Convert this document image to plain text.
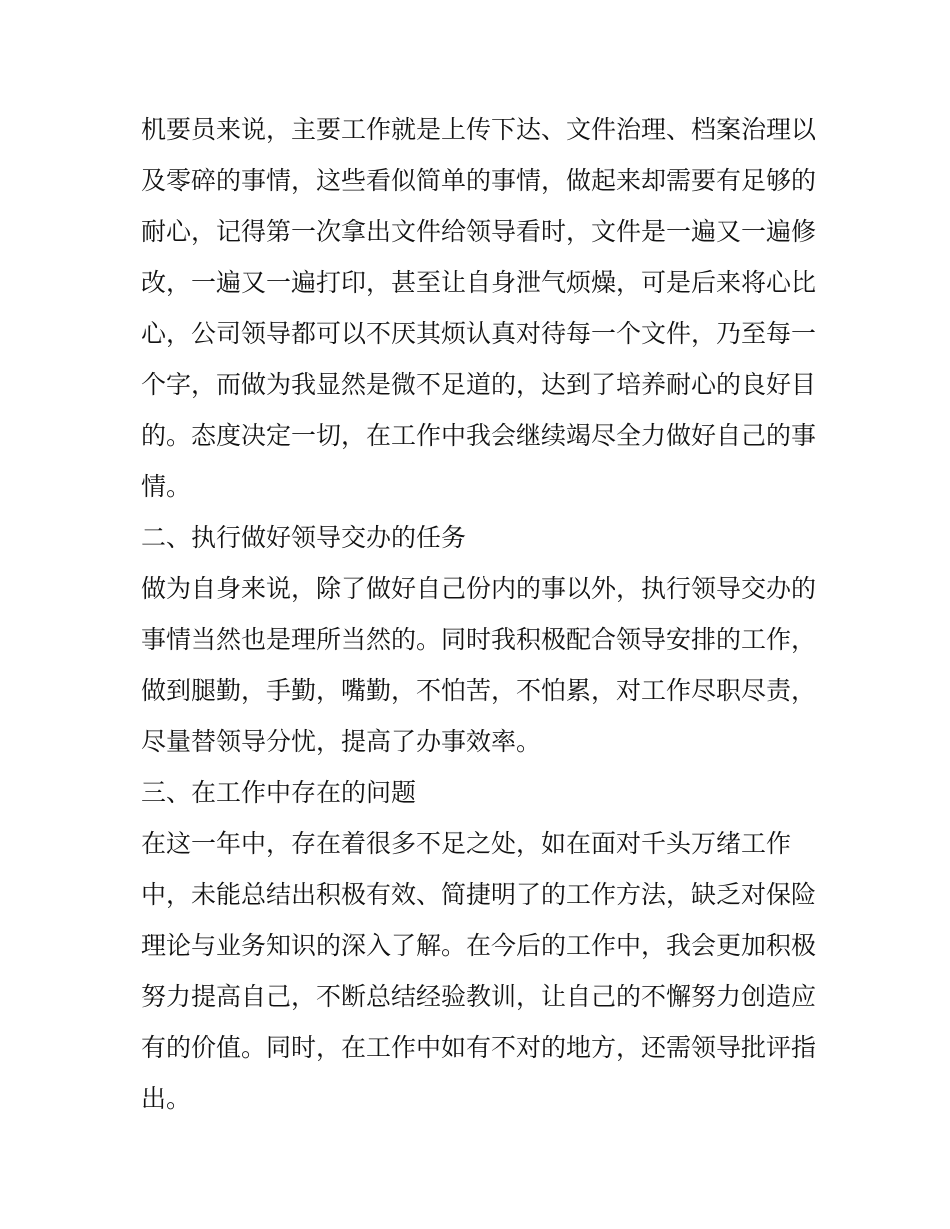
机要员来说，主要工作就是上传下达、文件治理、档案治理以
及零碎的事情，这些看似简单的事情，做起来却需要有足够的
耐心，记得第一次拿出文件给领导看时，文件是一遍又一遍修
改，一遍又一遍打印，甚至让自身泄气烦燥，可是后来将心比
心，公司领导都可以不厌其烦认真对待每一个文件，乃至每一
个字，而做为我显然是微不足道的，达到了培养耐心的良好目
的。态度决定一切，在工作中我会继续竭尽全力做好自己的事
情。
二、执行做好领导交办的任务
做为自身来说，除了做好自己份内的事以外，执行领导交办的
事情当然也是理所当然的。同时我积极配合领导安排的工作，
做到腿勤，手勤，嘴勤，不怕苦，不怕累，对工作尽职尽责，
尽量替领导分忧，提高了办事效率。
三、在工作中存在的问题
在这一年中，存在着很多不足之处，如在面对千头万绪工作
中，未能总结出积极有效、简捷明了的工作方法，缺乏对保险
理论与业务知识的深入了解。在今后的工作中，我会更加积极
努力提高自己，不断总结经验教训，让自己的不懈努力创造应
有的价值。同时，在工作中如有不对的地方，还需领导批评指
出。
